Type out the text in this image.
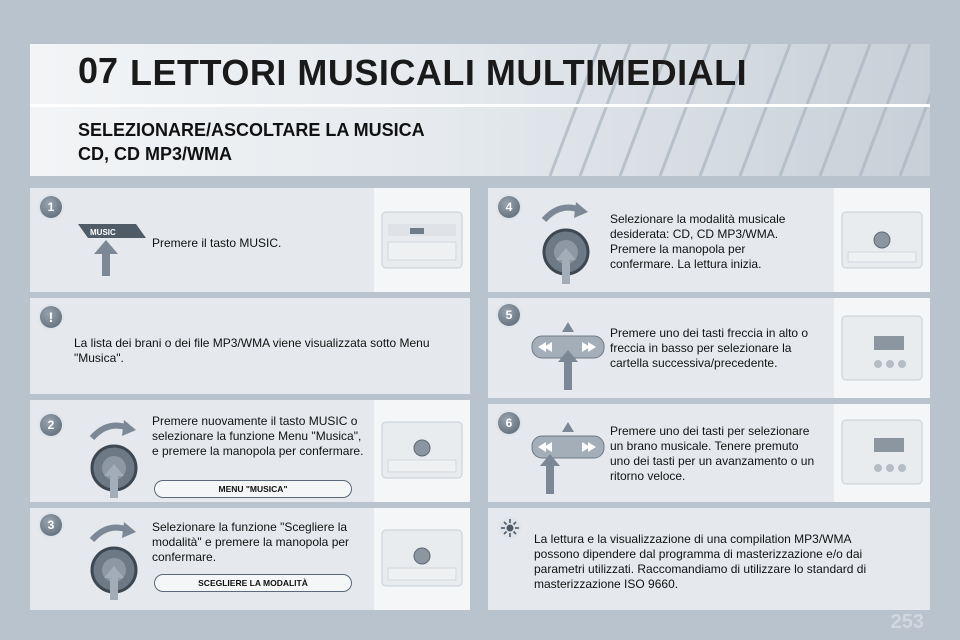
07 LETTORI MUSICALI MULTIMEDIALI
SELEZIONARE/ASCOLTARE LA MUSICA
CD, CD MP3/WMA
1
MUSIC
Premere il tasto MUSIC.
!
La lista dei brani o dei file MP3/WMA viene visualizzata sotto Menu "Musica".
2	Premere nuovamente il tasto MUSIC o selezionare la funzione Menu "Musica", e premere la manopola per confermare.
MENU "MUSICA"
3	Selezionare la funzione "Scegliere la modalità" e premere la manopola per confermare.
SCEGLIERE LA MODALITÀ
4
Selezionare la modalità musicale desiderata: CD, CD MP3/WMA. Premere la manopola per confermare. La lettura inizia.
5
Premere uno dei tasti freccia in alto o freccia in basso per selezionare la cartella successiva/precedente.
6
Premere uno dei tasti per selezionare un brano musicale. Tenere premuto uno dei tasti per un avanzamento o un ritorno veloce.
La lettura e la visualizzazione di una compilation MP3/WMA possono dipendere dal programma di masterizzazione e/o dai parametri utilizzati. Raccomandiamo di utilizzare lo standard di masterizzazione ISO 9660.
253
